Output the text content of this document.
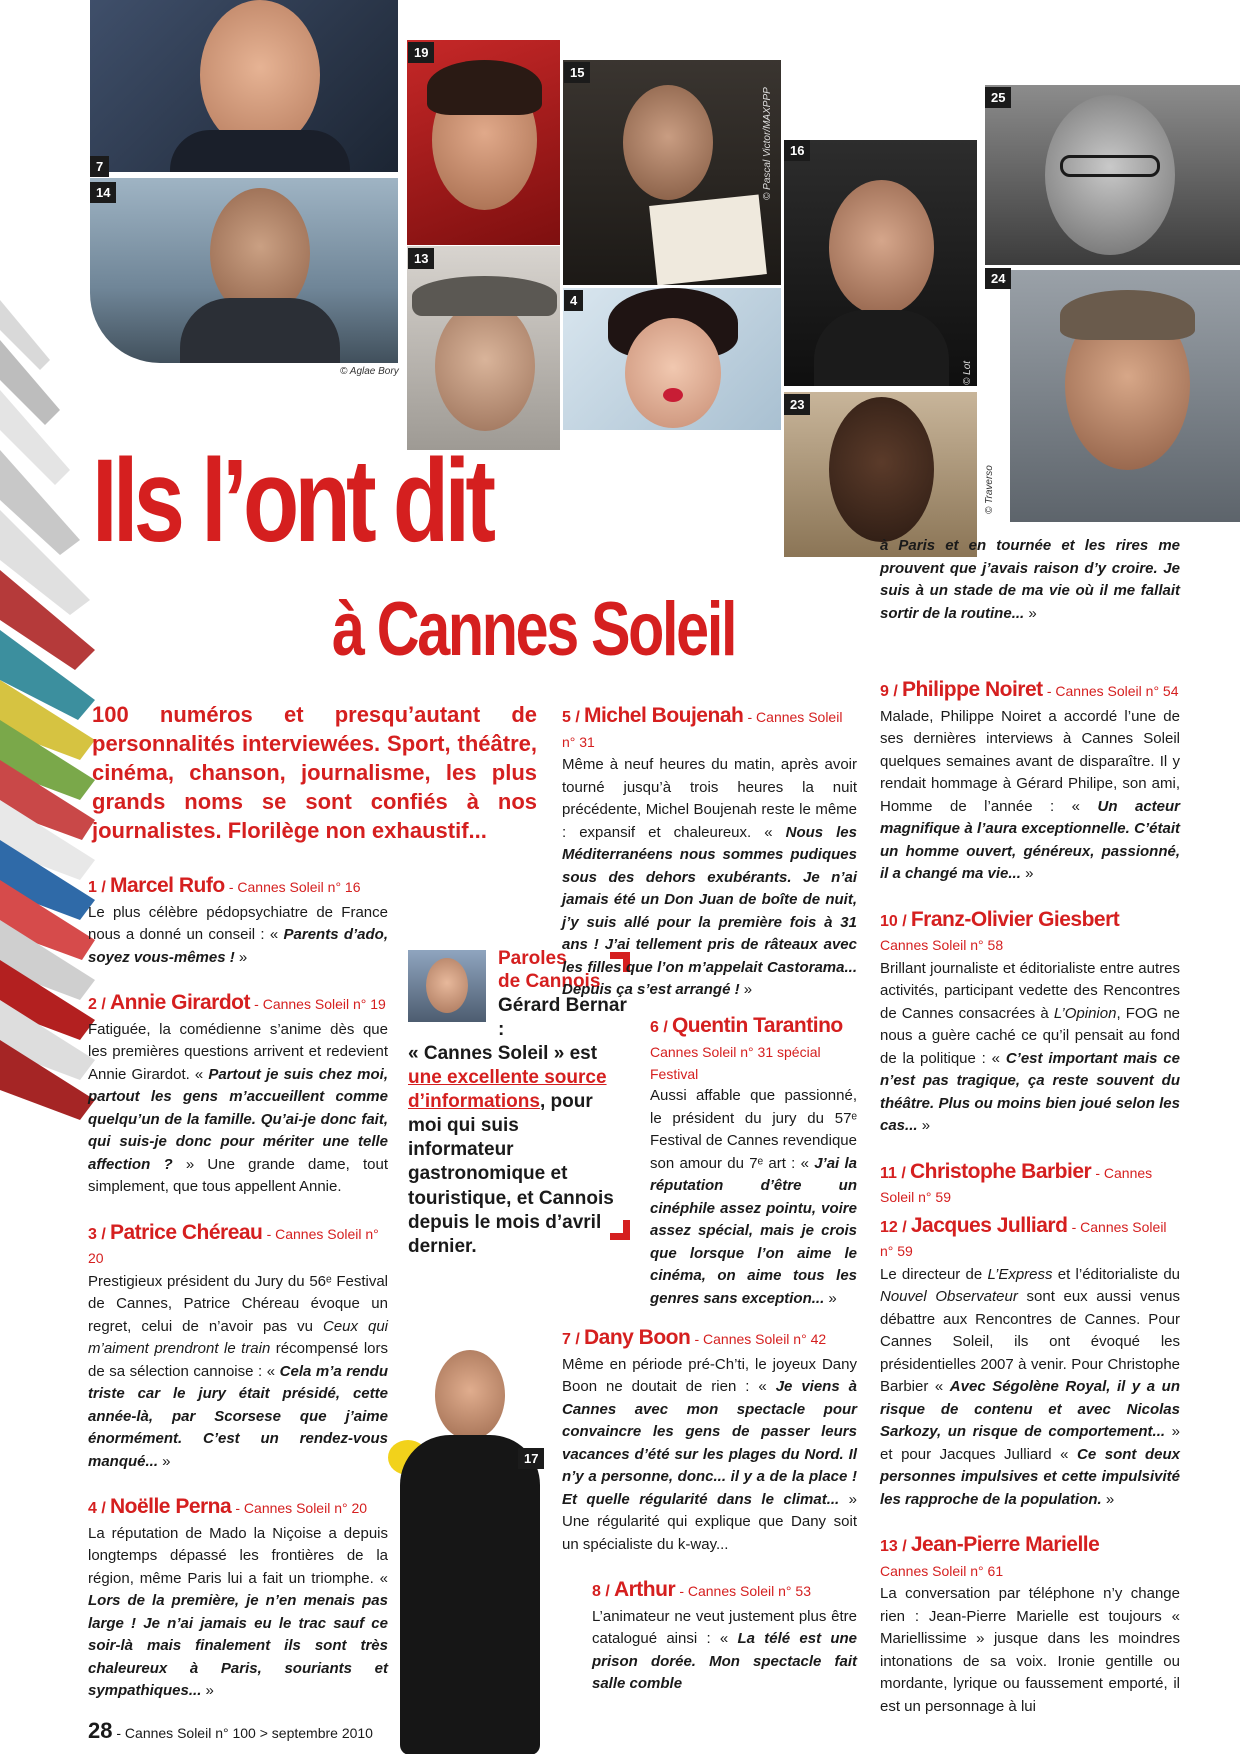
7
14
© Aglae Bory
19
13
15
© Pascal Victor/MAXPPP
4
16
© Lot
23
25
24
© Traverso
17
Ils l’ont dit
à Cannes Soleil
100 numéros et presqu’autant de personnalités interviewées. Sport, théâtre, cinéma, chanson, journalisme, les plus grands noms se sont confiés à nos journalistes. Florilège non exhaustif...
1 / Marcel Rufo - Cannes Soleil n° 16

Le plus célèbre pédopsychiatre de France nous a donné un conseil : « Parents d’ado, soyez vous-mêmes ! »

2 / Annie Girardot - Cannes Soleil n° 19

Fatiguée, la comédienne s’anime dès que les premières questions arrivent et redevient Annie Girardot. « Partout je suis chez moi, partout les gens m’accueillent comme quelqu’un de la famille. Qu’ai-je donc fait, qui suis-je donc pour mériter une telle affection ? » Une grande dame, tout simplement, que tous appellent Annie.

3 / Patrice Chéreau - Cannes Soleil n° 20

Prestigieux président du Jury du 56ᵉ Festival de Cannes, Patrice Chéreau évoque un regret, celui de n’avoir pas vu Ceux qui m’aiment prendront le train récompensé lors de sa sélection cannoise : « Cela m’a rendu triste car le jury était présidé, cette année-là, par Scorsese que j’aime énormément. C’est un rendez-vous manqué... »

4 / Noëlle Perna - Cannes Soleil n° 20

La réputation de Mado la Niçoise a depuis longtemps dépassé les frontières de la région, même Paris lui a fait un triomphe. « Lors de la première, je n’en menais pas large ! Je n’ai jamais eu le trac sauf ce soir-là mais finalement ils sont très chaleureux à Paris, souriants et sympathiques... »

Paroles
de Cannois
Gérard Bernar :
« Cannes Soleil » est une excellente source d’informations, pour moi qui suis informateur gastronomique et touristique, et Cannois depuis le mois d’avril dernier.
5 / Michel Boujenah - Cannes Soleil n° 31

Même à neuf heures du matin, après avoir tourné jusqu’à trois heures la nuit précédente, Michel Boujenah reste le même : expansif et chaleureux. « Nous les Méditerranéens nous sommes pudiques sous des dehors exubérants. Je n’ai jamais été un Don Juan de boîte de nuit, j’y suis allé pour la première fois à 31 ans ! J’ai tellement pris de râteaux avec les filles que l’on m’appelait Castorama... Depuis ça s’est arrangé ! »

6 / Quentin Tarantino
Cannes Soleil n° 31 spécial Festival

Aussi affable que passionné, le président du jury du 57ᵉ Festival de Cannes revendique son amour du 7ᵉ art : « J’ai la réputation d’être un cinéphile assez pointu, voire assez spécial, mais je crois que lorsque l’on aime le cinéma, on aime tous les genres sans exception... »

7 / Dany Boon - Cannes Soleil n° 42

Même en période pré-Ch’ti, le joyeux Dany Boon ne doutait de rien : « Je viens à Cannes avec mon spectacle pour convaincre les gens de passer leurs vacances d’été sur les plages du Nord. Il n’y a personne, donc... il y a de la place ! Et quelle régularité dans le climat... » Une régularité qui explique que Dany soit un spécialiste du k-way...

8 / Arthur - Cannes Soleil n° 53

L’animateur ne veut justement plus être catalogué ainsi : « La télé est une prison dorée. Mon spectacle fait salle comble

à Paris et en tournée et les rires me prouvent que j’avais raison d’y croire. Je suis à un stade de ma vie où il me fallait sortir de la routine... »

9 / Philippe Noiret - Cannes Soleil n° 54

Malade, Philippe Noiret a accordé l’une de ses dernières interviews à Cannes Soleil quelques semaines avant de disparaître. Il y rendait hommage à Gérard Philipe, son ami, Homme de l’année : « Un acteur magnifique à l’aura exceptionnelle. C’était un homme ouvert, généreux, passionné, il a changé ma vie... »

10 / Franz-Olivier Giesbert
Cannes Soleil n° 58

Brillant journaliste et éditorialiste entre autres activités, participant vedette des Rencontres de Cannes consacrées à L’Opinion, FOG ne nous a guère caché ce qu’il pensait au fond de la politique : « C’est important mais ce n’est pas tragique, ça reste souvent du théâtre. Plus ou moins bien joué selon les cas... »

11 / Christophe Barbier - Cannes Soleil n° 59
12 / Jacques Julliard - Cannes Soleil n° 59

Le directeur de L’Express et l’éditorialiste du Nouvel Observateur sont eux aussi venus débattre aux Rencontres de Cannes. Pour Cannes Soleil, ils ont évoqué les présidentielles 2007 à venir. Pour Christophe Barbier « Avec Ségolène Royal, il y a un risque de contenu et avec Nicolas Sarkozy, un risque de comportement... » et pour Jacques Julliard « Ce sont deux personnes impulsives et cette impulsivité les rapproche de la population. »

13 / Jean-Pierre Marielle
Cannes Soleil n° 61

La conversation par téléphone n’y change rien : Jean-Pierre Marielle est toujours « Mariellissime » jusque dans les moindres intonations de sa voix. Ironie gentille ou mordante, lyrique ou faussement emporté, il est un personnage à lui

28 - Cannes Soleil n° 100 > septembre 2010
